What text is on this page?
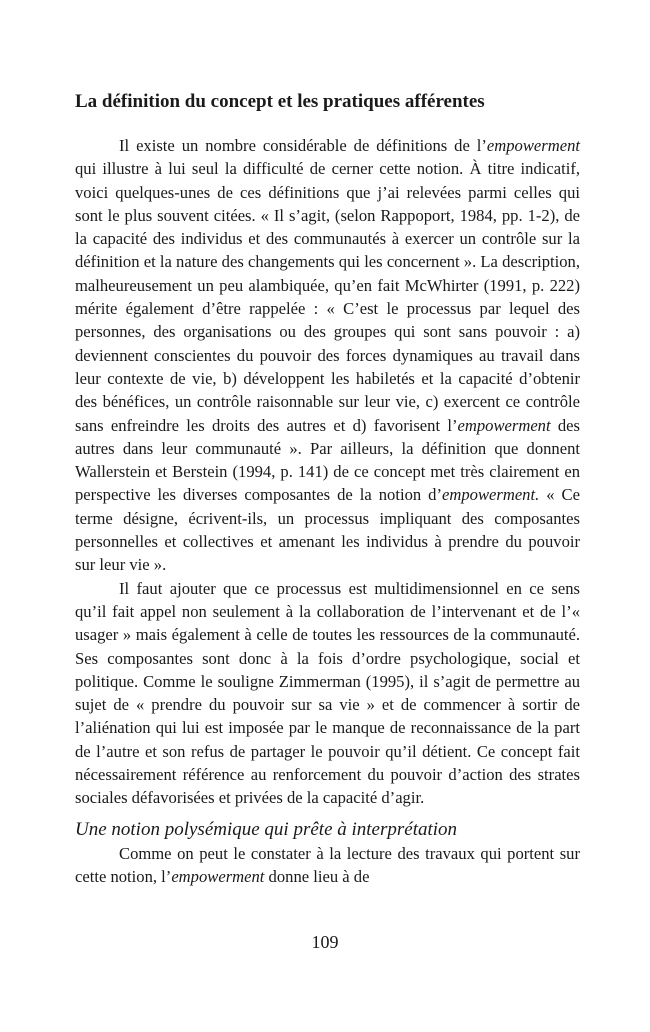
La définition du concept et les pratiques afférentes

Il existe un nombre considérable de définitions de l’empowerment qui illustre à lui seul la difficulté de cerner cette notion. À titre indicatif, voici quelques-unes de ces définitions que j’ai relevées parmi celles qui sont le plus souvent citées. « Il s’agit, (selon Rappoport, 1984, pp. 1-2), de la capacité des individus et des communautés à exercer un contrôle sur la définition et la nature des changements qui les concernent ». La description, malheureusement un peu alambiquée, qu’en fait McWhirter (1991, p. 222) mérite également d’être rappelée : « C’est le processus par lequel des personnes, des organisations ou des groupes qui sont sans pouvoir : a) deviennent conscientes du pouvoir des forces dynamiques au travail dans leur contexte de vie, b) développent les habiletés et la capacité d’obtenir des bénéfices, un contrôle raisonnable sur leur vie, c) exercent ce contrôle sans enfreindre les droits des autres et d) favorisent l’empowerment des autres dans leur communauté ». Par ailleurs, la définition que donnent Wallerstein et Berstein (1994, p. 141) de ce concept met très clairement en perspective les diverses composantes de la notion d’empowerment. « Ce terme désigne, écrivent-ils, un processus impliquant des composantes personnelles et collectives et amenant les individus à prendre du pouvoir sur leur vie ».

Il faut ajouter que ce processus est multidimensionnel en ce sens qu’il fait appel non seulement à la collaboration de l’intervenant et de l’« usager » mais également à celle de toutes les ressources de la communauté. Ses composantes sont donc à la fois d’ordre psychologique, social et politique. Comme le souligne Zimmerman (1995), il s’agit de permettre au sujet de « prendre du pouvoir sur sa vie » et de commencer à sortir de l’aliénation qui lui est imposée par le manque de reconnaissance de la part de l’autre et son refus de partager le pouvoir qu’il détient. Ce concept fait nécessairement référence au renforcement du pouvoir d’action des strates sociales défavorisées et privées de la capacité d’agir.

Une notion polysémique qui prête à interprétation

Comme on peut le constater à la lecture des travaux qui portent sur cette notion, l’empowerment donne lieu à de

109
